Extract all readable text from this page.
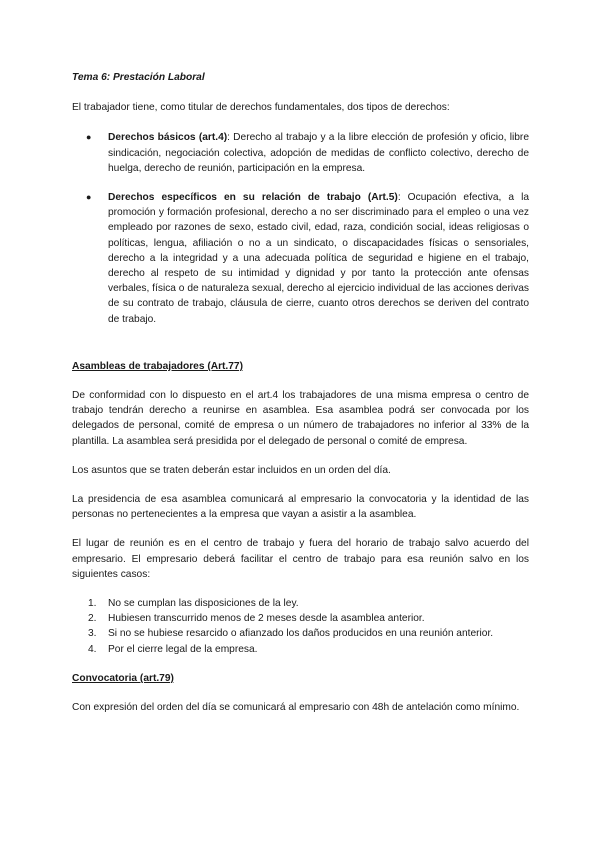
Tema 6: Prestación Laboral

El trabajador tiene, como titular de derechos fundamentales, dos tipos de derechos:

● Derechos básicos (art.4): Derecho al trabajo y a la libre elección de profesión y oficio, libre sindicación, negociación colectiva, adopción de medidas de conflicto colectivo, derecho de huelga, derecho de reunión, participación en la empresa.
● Derechos específicos en su relación de trabajo (Art.5): Ocupación efectiva, a la promoción y formación profesional, derecho a no ser discriminado para el empleo o una vez empleado por razones de sexo, estado civil, edad, raza, condición social, ideas religiosas o políticas, lengua, afiliación o no a un sindicato, o discapacidades físicas o sensoriales, derecho a la integridad y a una adecuada política de seguridad e higiene en el trabajo, derecho al respeto de su intimidad y dignidad y por tanto la protección ante ofensas verbales, física o de naturaleza sexual, derecho al ejercicio individual de las acciones derivas de su contrato de trabajo, cláusula de cierre, cuanto otros derechos se deriven del contrato de trabajo.

Asambleas de trabajadores (Art.77)

De conformidad con lo dispuesto en el art.4 los trabajadores de una misma empresa o centro de trabajo tendrán derecho a reunirse en asamblea. Esa asamblea podrá ser convocada por los delegados de personal, comité de empresa o un número de trabajadores no inferior al 33% de la plantilla. La asamblea será presidida por el delegado de personal o comité de empresa.

Los asuntos que se traten deberán estar incluidos en un orden del día.

La presidencia de esa asamblea comunicará al empresario la convocatoria y la identidad de las personas no pertenecientes a la empresa que vayan a asistir a la asamblea.

El lugar de reunión es en el centro de trabajo y fuera del horario de trabajo salvo acuerdo del empresario. El empresario deberá facilitar el centro de trabajo para esa reunión salvo en los siguientes casos:

1. No se cumplan las disposiciones de la ley.
2. Hubiesen transcurrido menos de 2 meses desde la asamblea anterior.
3. Si no se hubiese resarcido o afianzado los daños producidos en una reunión anterior.
4. Por el cierre legal de la empresa.

Convocatoria (art.79)

Con expresión del orden del día se comunicará al empresario con 48h de antelación como mínimo.
